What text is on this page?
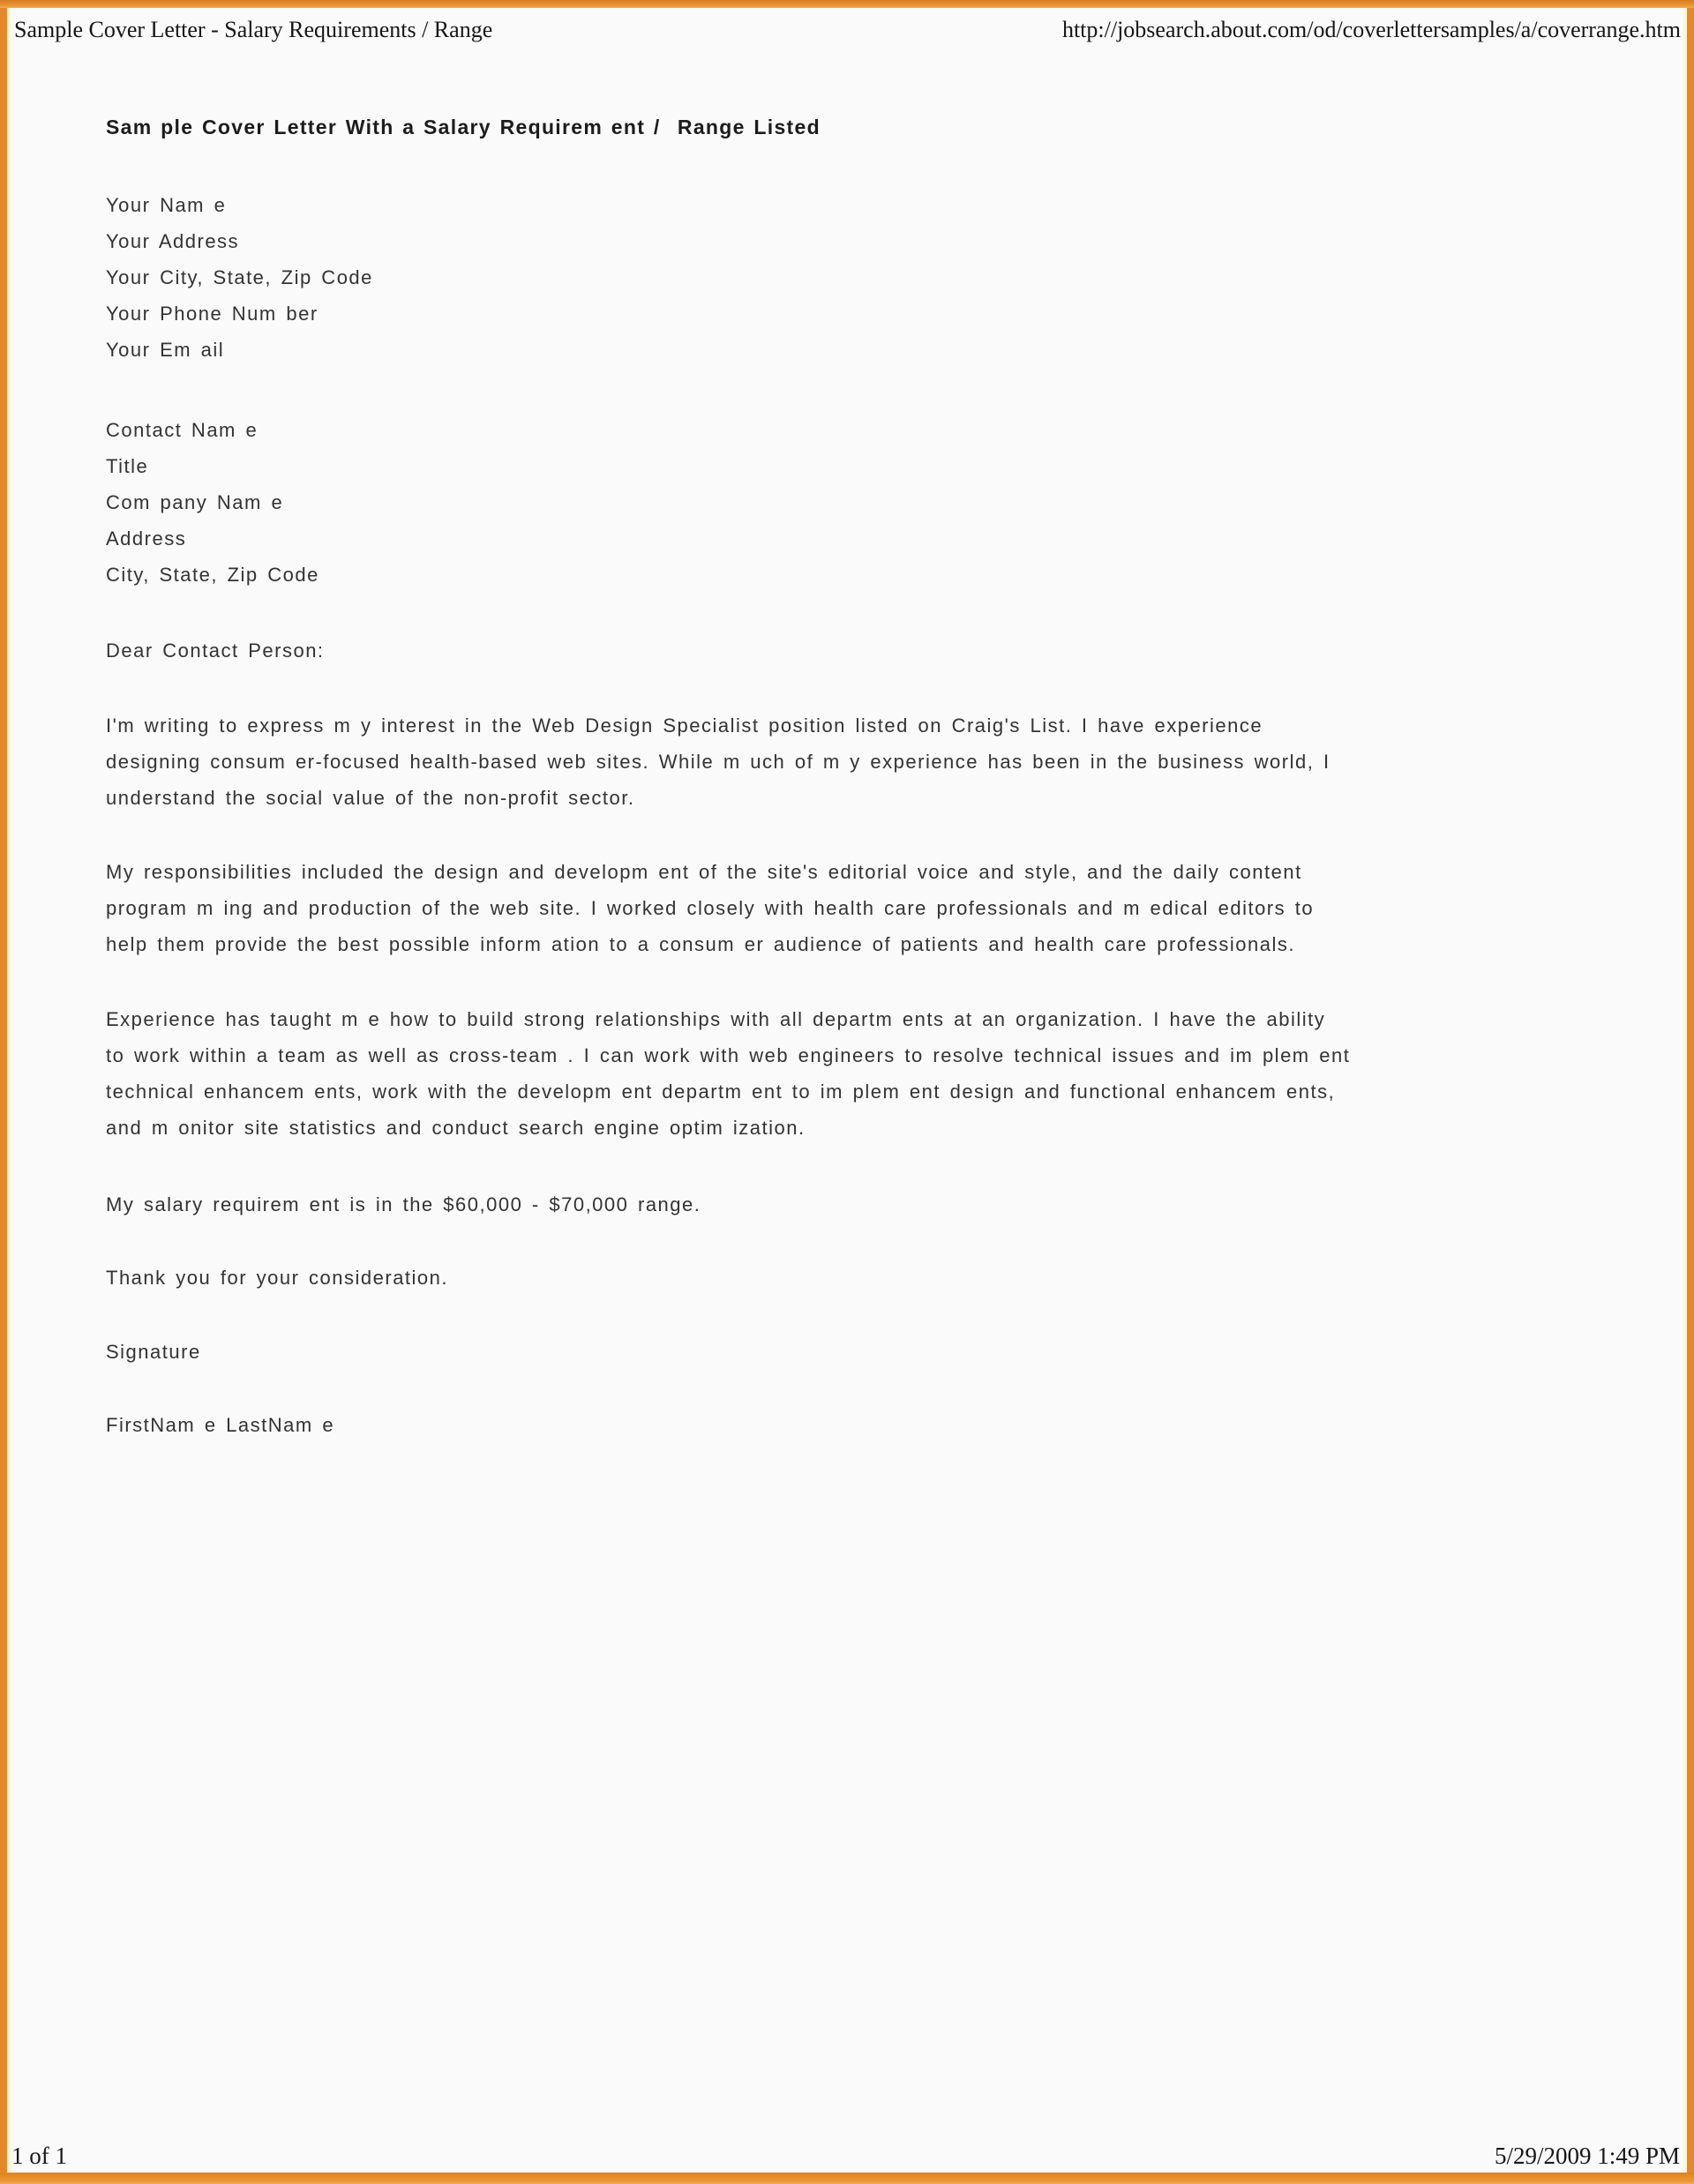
Sample Cover Letter - Salary Requirements / Range	http://jobsearch.about.com/od/coverlettersamples/a/coverrange.htm
Sam ple Cover Letter With a Salary Requirem ent /  Range Listed
Your Nam e
Your Address
Your City, State, Zip Code
Your Phone Num ber
Your Em ail
Contact Nam e
Title
Com pany Nam e
Address
City, State, Zip Code
Dear Contact Person:
I'm writing to express m y interest in the Web Design Specialist position listed on Craig's List. I have experience
designing consum er-focused health-based web sites. While m uch of m y experience has been in the business world, I
understand the social value of the non-profit sector.
My responsibilities included the design and developm ent of the site's editorial voice and style, and the daily content
program m ing and production of the web site. I worked closely with health care professionals and m edical editors to
help them provide the best possible inform ation to a consum er audience of patients and health care professionals.
Experience has taught m e how to build strong relationships with all departm ents at an organization. I have the ability
to work within a team as well as cross-team . I can work with web engineers to resolve technical issues and im plem ent
technical enhancem ents, work with the developm ent departm ent to im plem ent design and functional enhancem ents,
and m onitor site statistics and conduct search engine optim ization.
My salary requirem ent is in the $60,000 - $70,000 range.
Thank you for your consideration.
Signature
FirstNam e LastNam e
1 of 1	5/29/2009 1:49 PM
